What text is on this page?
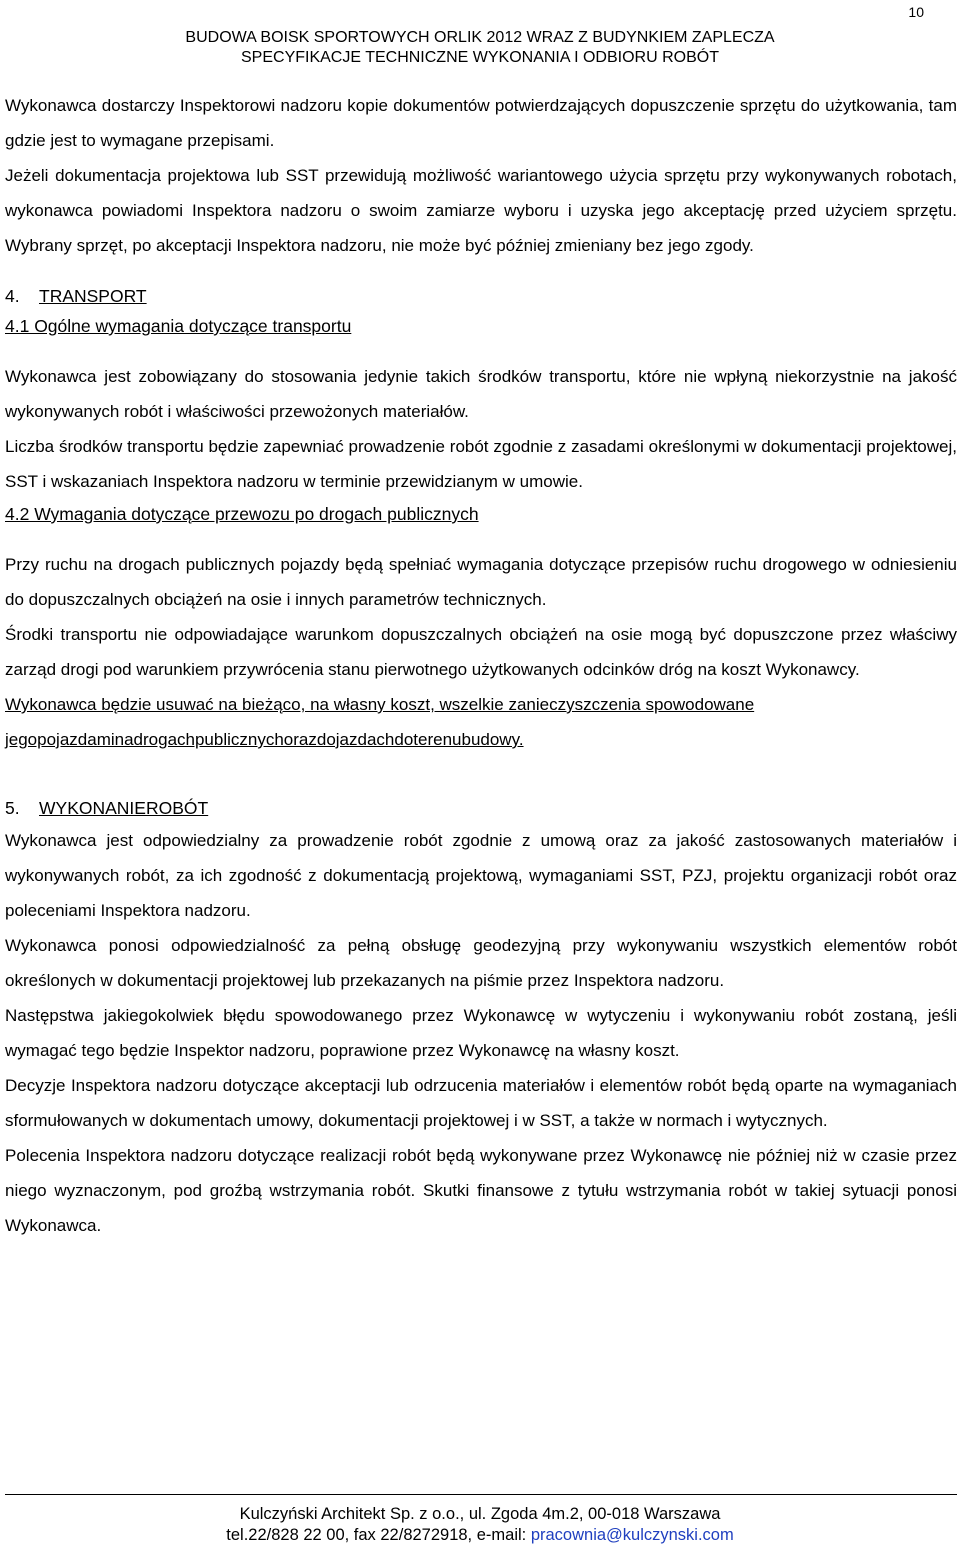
10
BUDOWA BOISK SPORTOWYCH ORLIK 2012 WRAZ Z BUDYNKIEM ZAPLECZA
SPECYFIKACJE TECHNICZNE WYKONANIA I ODBIORU ROBÓT

Wykonawca dostarczy Inspektorowi nadzoru kopie dokumentów potwierdzających dopuszczenie sprzętu do użytkowania, tam gdzie jest to wymagane przepisami.

Jeżeli dokumentacja projektowa lub SST przewidują możliwość wariantowego użycia sprzętu przy wykonywanych robotach, wykonawca powiadomi Inspektora nadzoru o swoim zamiarze wyboru i uzyska jego akceptację przed użyciem sprzętu. Wybrany sprzęt, po akceptacji Inspektora nadzoru, nie może być później zmieniany bez jego zgody.

4. TRANSPORT

4.1 Ogólne wymagania dotyczące transportu

Wykonawca jest zobowiązany do stosowania jedynie takich środków transportu, które nie wpłyną niekorzystnie na jakość wykonywanych robót i właściwości przewożonych materiałów.

Liczba środków transportu będzie zapewniać prowadzenie robót zgodnie z zasadami określonymi w dokumentacji projektowej, SST i wskazaniach Inspektora nadzoru w terminie przewidzianym w umowie.

4.2 Wymagania dotyczące przewozu po drogach publicznych

Przy ruchu na drogach publicznych pojazdy będą spełniać wymagania dotyczące przepisów ruchu drogowego w odniesieniu do dopuszczalnych obciążeń na osie i innych parametrów technicznych.

Środki transportu nie odpowiadające warunkom dopuszczalnych obciążeń na osie mogą być dopuszczone przez właściwy zarząd drogi pod warunkiem przywrócenia stanu pierwotnego użytkowanych odcinków dróg na koszt Wykonawcy.

Wykonawca będzie usuwać na bieżąco, na własny koszt, wszelkie zanieczyszczenia spowodowane

jegopojazdaminadrogachpublicznychorazdojazdachdoterenubudowy.

5. WYKONANIEROBÓT

Wykonawca jest odpowiedzialny za prowadzenie robót zgodnie z umową oraz za jakość zastosowanych materiałów i wykonywanych robót, za ich zgodność z dokumentacją projektową, wymaganiami SST, PZJ, projektu organizacji robót oraz poleceniami Inspektora nadzoru.

Wykonawca ponosi odpowiedzialność za pełną obsługę geodezyjną przy wykonywaniu wszystkich elementów robót określonych w dokumentacji projektowej lub przekazanych na piśmie przez Inspektora nadzoru.

Następstwa jakiegokolwiek błędu spowodowanego przez Wykonawcę w wytyczeniu i wykonywaniu robót zostaną, jeśli wymagać tego będzie Inspektor nadzoru, poprawione przez Wykonawcę na własny koszt.

Decyzje Inspektora nadzoru dotyczące akceptacji lub odrzucenia materiałów i elementów robót będą oparte na wymaganiach sformułowanych w dokumentach umowy, dokumentacji projektowej i w SST, a także w normach i wytycznych.

Polecenia Inspektora nadzoru dotyczące realizacji robót będą wykonywane przez Wykonawcę nie później niż w czasie przez niego wyznaczonym, pod groźbą wstrzymania robót. Skutki finansowe z tytułu wstrzymania robót w takiej sytuacji ponosi Wykonawca.

Kulczyński Architekt Sp. z o.o., ul. Zgoda 4m.2, 00-018 Warszawa
tel.22/828 22 00, fax 22/8272918, e-mail: pracownia@kulczynski.com
